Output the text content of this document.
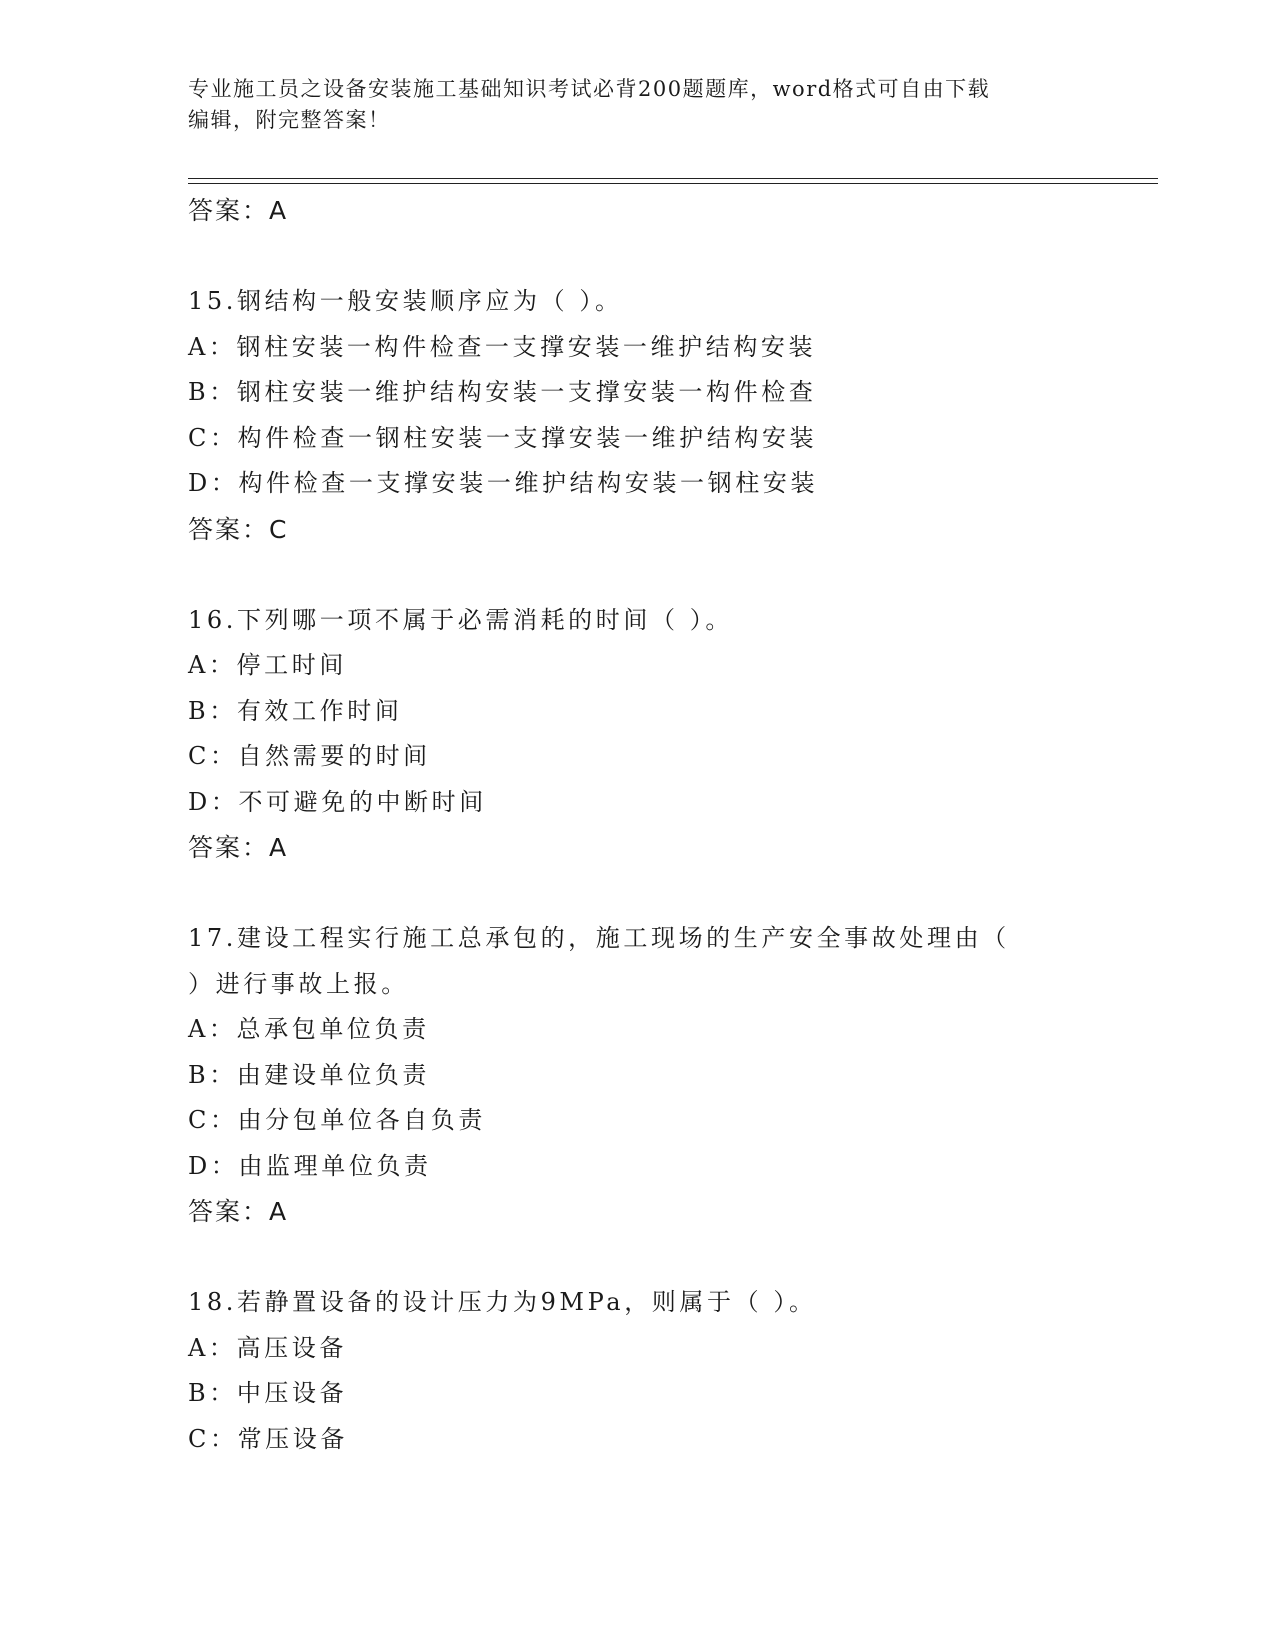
专业施工员之设备安装施工基础知识考试必背200题题库，word格式可自由下载
编辑，附完整答案！
答案：A
15.钢结构一般安装顺序应为（ ）。
A：钢柱安装一构件检查一支撑安装一维护结构安装
B：钢柱安装一维护结构安装一支撑安装一构件检查
C：构件检查一钢柱安装一支撑安装一维护结构安装
D：构件检查一支撑安装一维护结构安装一钢柱安装
答案：C
16.下列哪一项不属于必需消耗的时间（ ）。
A：停工时间
B：有效工作时间
C：自然需要的时间
D：不可避免的中断时间
答案：A
17.建设工程实行施工总承包的，施工现场的生产安全事故处理由（
）进行事故上报。
A：总承包单位负责
B：由建设单位负责
C：由分包单位各自负责
D：由监理单位负责
答案：A
18.若静置设备的设计压力为9MPa，则属于（ ）。
A：高压设备
B：中压设备
C：常压设备
